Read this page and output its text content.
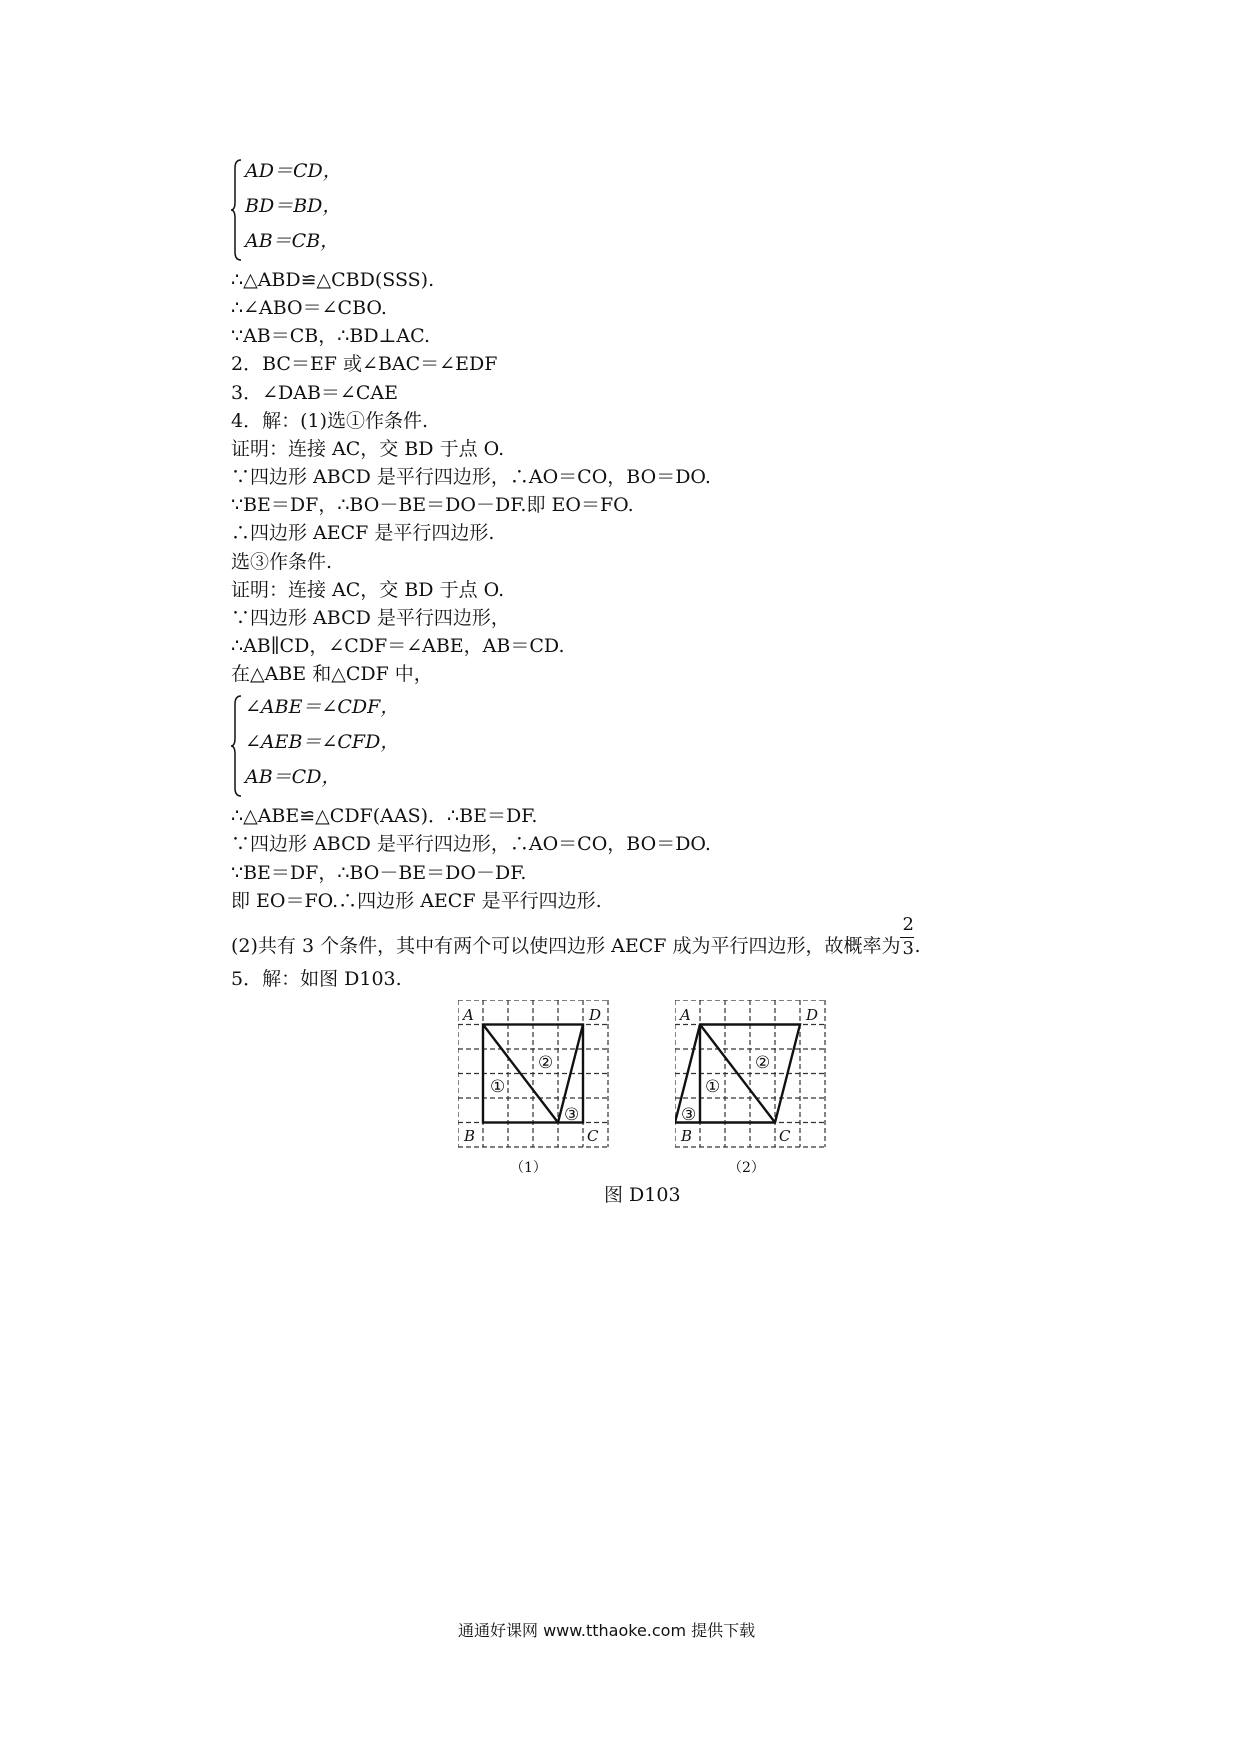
AD＝CD，
BD＝BD，
AB＝CB，
∴△ABD≌△CBD(SSS).
∴∠ABO＝∠CBO.
∵AB＝CB，∴BD⊥AC.
2．BC＝EF 或∠BAC＝∠EDF
3．∠DAB＝∠CAE
4．解：(1)选①作条件.
证明：连接 AC，交 BD 于点 O.
∵四边形 ABCD 是平行四边形，∴AO＝CO，BO＝DO.
∵BE＝DF，∴BO－BE＝DO－DF.即 EO＝FO.
∴四边形 AECF 是平行四边形.
选③作条件.
证明：连接 AC，交 BD 于点 O.
∵四边形 ABCD 是平行四边形，
∴AB∥CD，∠CDF＝∠ABE，AB＝CD.
在△ABE 和△CDF 中，
∠ABE＝∠CDF，
∠AEB＝∠CFD，
AB＝CD，
∴△ABE≌△CDF(AAS)．∴BE＝DF.
∵四边形 ABCD 是平行四边形，∴AO＝CO，BO＝DO.
∵BE＝DF，∴BO－BE＝DO－DF.
即 EO＝FO.∴四边形 AECF 是平行四边形.
(2)共有 3 个条件，其中有两个可以使四边形 AECF 成为平行四边形，故概率为 $\frac{2}{3}$ .
5．解：如图 D103.
A	D
B	C
①
②
③
（1）
A	D
B	C
①
②
③
（2）
图 D103
通通好课网 www.tthaoke.com 提供下载
